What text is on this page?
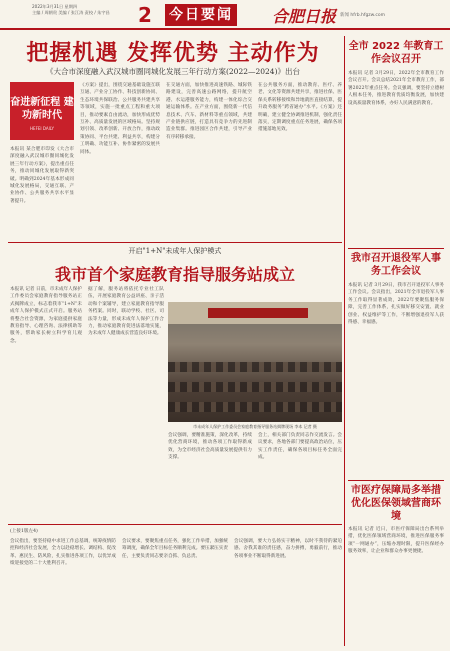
2022年3月31日 星期四
主编 / 周朝贵 美编 / 张江涛 责校 / 朱宇昌 2 今日要闻 合肥日报 新闻 hfrb.hfgzw.com
把握机遇 发挥优势 主动作为
《大合市深度融入武汉城市圈同城化发展三年行动方案(2022—2024)》出台
奋进新征程 建功新时代
HEFEI DAILY
本报讯 某合肥市印发《大合市深度融入武汉城市圈同城化发展三年行动方案》，提出重点任务，推动同城化发展取得新突破。明确到2024年基本形成同城化发展格局，交通互联、产业协作、公共服务共享水平显著提升。
《方案》提出，围绕交通基础设施互联互通、产业分工协作、科技创新协同、生态环境共保联治、公共服务共建共享等领域，实施一批重点工程和重大项目，推动要素自由流动，加快形成优势互补、高质量发展的区域格局。坚持规划引领、改革创新、开放合作，推动政策协同、平台共建、利益共享，构建分工明确、功能互补、协作紧密的发展共同体。
在交通方面，加快推进高速铁路、城际铁路建设，完善高速公路网络，提升航空港、水运港服务能力，构建一体化综合交通运输体系。在产业方面，围绕新一代信息技术、汽车、新材料等重点领域，共建产业链供应链，打造具有竞争力的先进制造业集群。推进园区合作共建，引导产业有序转移承接。
在公共服务方面，推动教育、医疗、养老、文化等资源共建共享，推进社保、医保关系转移接续和异地就医直接结算，提升政务服务“跨省通办”水平。《方案》还明确，建立健全协调推进机制，强化责任落实，定期调度重点任务进展，确保各项措施落地见效。
开启"1+N"未成年人保护模式
我市首个家庭教育指导服务站成立
本报讯 记者 日前，市未成年人保护工作委员会家庭教育指导服务站正式揭牌成立，标志着我市“1+N”未成年人保护模式正式开启。服务站将整合社会资源，为家庭提供家庭教育指导、心理咨询、法律援助等服务，帮助家长树立科学育儿观念。
据了解，服务站将依托专业社工队伍，开展家庭教育公益讲座、亲子活动和个案辅导，建立家庭教育指导服务档案。同时，联动学校、社区、司法等力量，形成未成年人保护工作合力，推动家庭教育促进法落地实施，为未成年人健康成长营造良好环境。
市未成年人保护工作委员会家庭教育指导服务站揭牌现场 李本 记者 摄
会议强调，要精准施策，深化改革，持续优化营商环境，推动各项工作取得新成效，为全市经济社会高质量发展提供有力支撑。
会上，相关部门负责同志作交流发言。会议要求，各地各部门要提高政治站位，压实工作责任，确保各项目标任务全面完成。
(上接1版左4)
会议指出，要坚持稳中求进工作总基调，统筹疫情防控和经济社会发展，全力以赴稳增长、调结构、促改革、惠民生、防风险，扎实推进各项工作，以优异成绩迎接党的二十大胜利召开。
会议要求，要聚焦重点任务，强化工作举措，加强统筹调度，确保全年目标任务顺利完成。要压紧压实责任，主要负责同志要亲自抓、负总责。
会议强调，要大力弘扬实干精神，以时不我待的紧迫感、舍我其谁的责任感，奋力拼搏，勇毅前行，推动各项事业不断取得新进展。
全市 2022 年教育工作会议召开
本报讯 记者 3月29日，2022年全市教育工作会议召开。会议总结2021年全市教育工作，部署2022年重点任务。会议强调，要坚持立德树人根本任务，推进教育优质均衡发展，加快建设高质量教育体系，办好人民满意的教育。
我市召开退役军人事务工作会议
本报讯 记者 3月29日，我市召开退役军人事务工作会议。会议指出，2021年全市退役军人事务工作取得显著成效，2022年要聚焦服务保障，完善工作体系，扎实做好移交安置、就业创业、权益维护等工作，不断增强退役军人获得感、幸福感。
市医疗保障局多举措优化医保领域营商环境
本报讯 记者 近日，市医疗保障局出台系列举措，优化医保领域营商环境，推进医保服务事项“一网通办”，压缩办理时限，提升医保经办服务效率，让企业和群众办事更便捷。
